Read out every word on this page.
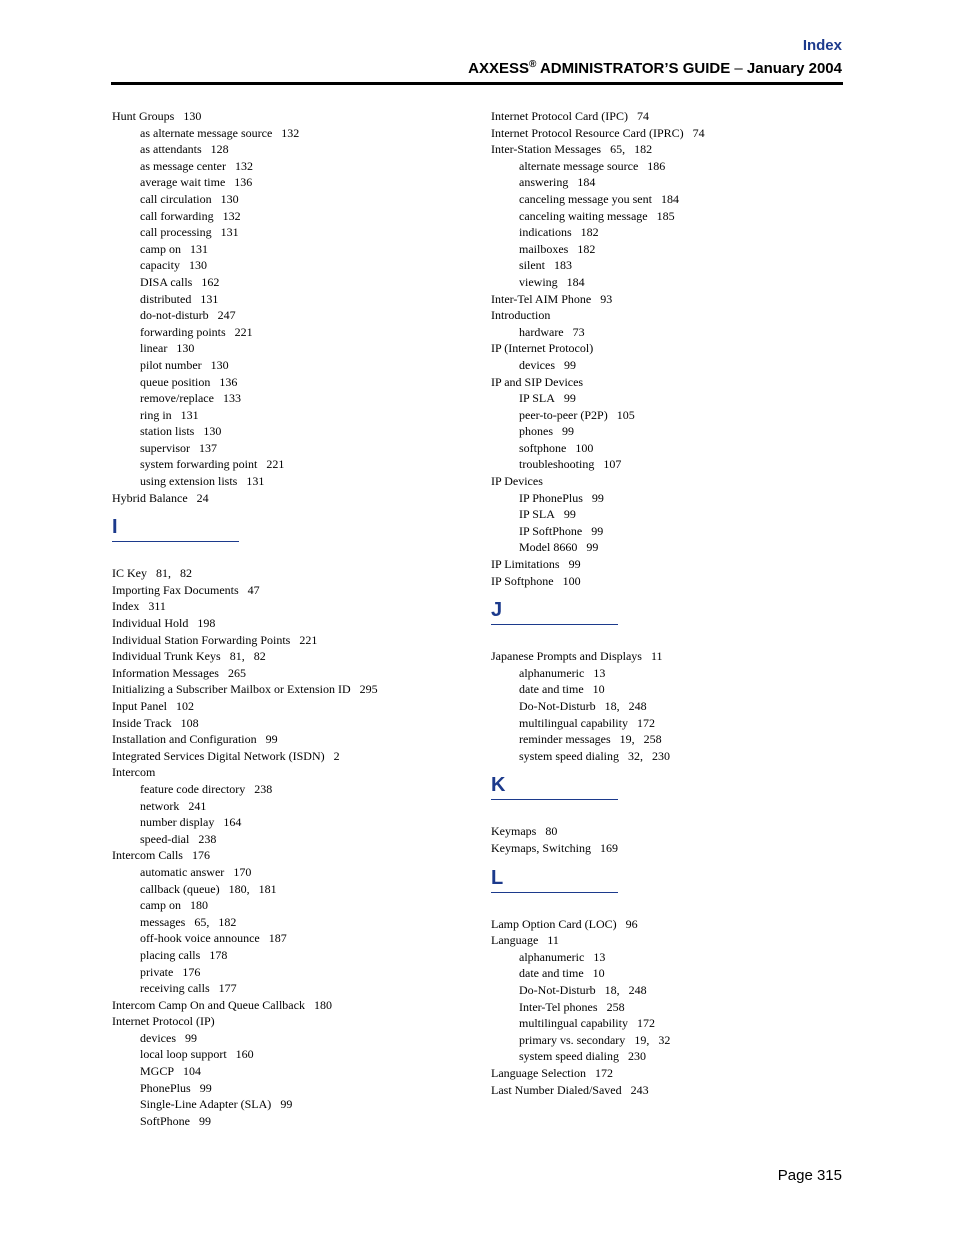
Index
AXXESS® ADMINISTRATOR’S GUIDE – January 2004
Hunt Groups 130
as alternate message source 132
as attendants 128
as message center 132
average wait time 136
call circulation 130
call forwarding 132
call processing 131
camp on 131
capacity 130
DISA calls 162
distributed 131
do-not-disturb 247
forwarding points 221
linear 130
pilot number 130
queue position 136
remove/replace 133
ring in 131
station lists 130
supervisor 137
system forwarding point 221
using extension lists 131
Hybrid Balance 24
I
IC Key 81,   82
Importing Fax Documents 47
Index 311
Individual Hold 198
Individual Station Forwarding Points 221
Individual Trunk Keys 81,   82
Information Messages 265
Initializing a Subscriber Mailbox or Extension ID 295
Input Panel 102
Inside Track 108
Installation and Configuration 99
Integrated Services Digital Network (ISDN) 2
Intercom
feature code directory 238
network 241
number display 164
speed-dial 238
Intercom Calls 176
automatic answer 170
callback (queue) 180,   181
camp on 180
messages 65,   182
off-hook voice announce 187
placing calls 178
private 176
receiving calls 177
Intercom Camp On and Queue Callback 180
Internet Protocol (IP)
devices 99
local loop support 160
MGCP 104
PhonePlus 99
Single-Line Adapter (SLA) 99
SoftPhone 99
Internet Protocol Card (IPC) 74
Internet Protocol Resource Card (IPRC) 74
Inter-Station Messages 65,   182
alternate message source 186
answering 184
canceling message you sent 184
canceling waiting message 185
indications 182
mailboxes 182
silent 183
viewing 184
Inter-Tel AIM Phone 93
Introduction
hardware 73
IP (Internet Protocol)
devices 99
IP and SIP Devices
IP SLA 99
peer-to-peer (P2P) 105
phones 99
softphone 100
troubleshooting 107
IP Devices
IP PhonePlus 99
IP SLA 99
IP SoftPhone 99
Model 8660 99
IP Limitations 99
IP Softphone 100
J
Japanese Prompts and Displays 11
alphanumeric 13
date and time 10
Do-Not-Disturb 18,   248
multilingual capability 172
reminder messages 19,   258
system speed dialing 32,   230
K
Keymaps 80
Keymaps, Switching 169
L
Lamp Option Card (LOC) 96
Language 11
alphanumeric 13
date and time 10
Do-Not-Disturb 18,   248
Inter-Tel phones 258
multilingual capability 172
primary vs. secondary 19,   32
system speed dialing 230
Language Selection 172
Last Number Dialed/Saved 243
Page 315
